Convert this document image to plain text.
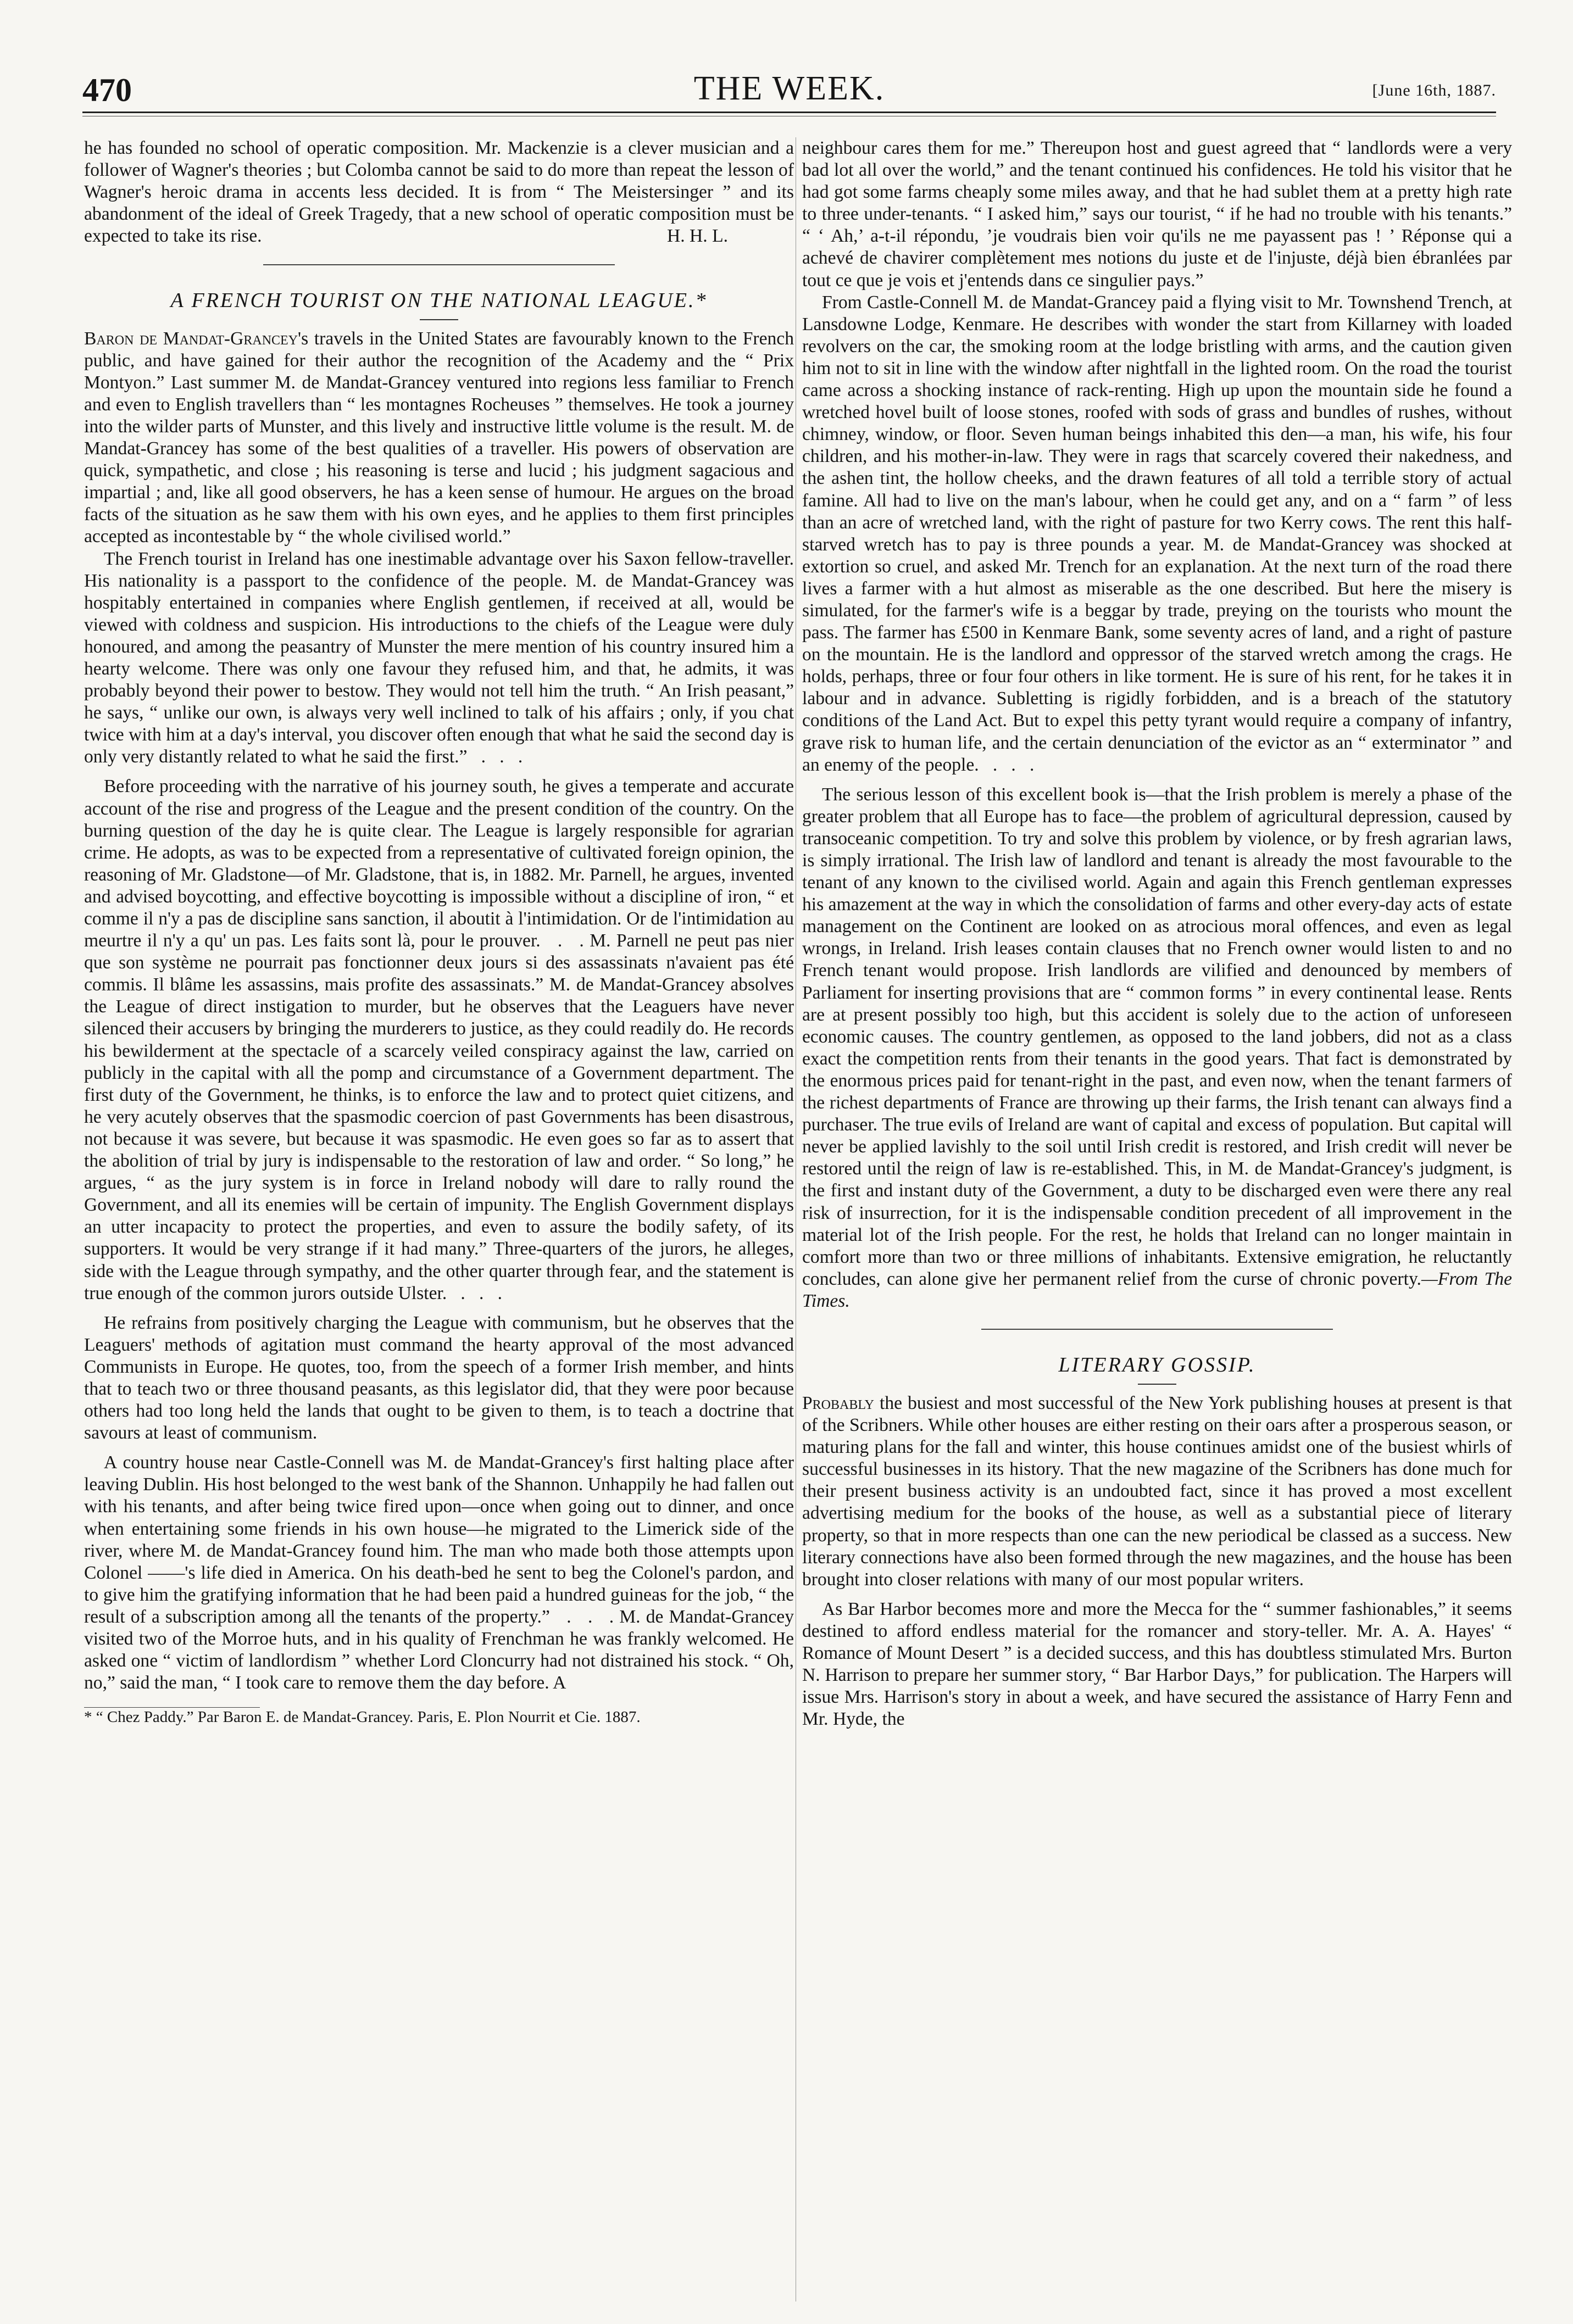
470	THE WEEK.	[June 16th, 1887.

he has founded no school of operatic composition. Mr. Mackenzie is a clever musician and a follower of Wagner's theories ; but Colomba cannot be said to do more than repeat the lesson of Wagner's heroic drama in accents less decided. It is from “ The Meistersinger ” and its abandonment of the ideal of Greek Tragedy, that a new school of operatic composition must be expected to take its rise.	H. H. L.

A FRENCH TOURIST ON THE NATIONAL LEAGUE.*

Baron de Mandat-Grancey's travels in the United States are favourably known to the French public, and have gained for their author the recognition of the Academy and the “ Prix Montyon.” Last summer M. de Mandat-Grancey ventured into regions less familiar to French and even to English travellers than “ les montagnes Rocheuses ” themselves. He took a journey into the wilder parts of Munster, and this lively and instructive little volume is the result. M. de Mandat-Grancey has some of the best qualities of a traveller. His powers of observation are quick, sympathetic, and close ; his reasoning is terse and lucid ; his judgment sagacious and impartial ; and, like all good observers, he has a keen sense of humour. He argues on the broad facts of the situation as he saw them with his own eyes, and he applies to them first principles accepted as incontestable by “ the whole civilised world.”

The French tourist in Ireland has one inestimable advantage over his Saxon fellow-traveller. His nationality is a passport to the confidence of the people. M. de Mandat-Grancey was hospitably entertained in companies where English gentlemen, if received at all, would be viewed with coldness and suspicion. His introductions to the chiefs of the League were duly honoured, and among the peasantry of Munster the mere mention of his country insured him a hearty welcome. There was only one favour they refused him, and that, he admits, it was probably beyond their power to bestow. They would not tell him the truth. “ An Irish peasant,” he says, “ unlike our own, is always very well inclined to talk of his affairs ; only, if you chat twice with him at a day's interval, you discover often enough that what he said the second day is only very distantly related to what he said the first.”   .   .   .

Before proceeding with the narrative of his journey south, he gives a temperate and accurate account of the rise and progress of the League and the present condition of the country. On the burning question of the day he is quite clear. The League is largely responsible for agrarian crime. He adopts, as was to be expected from a representative of cultivated foreign opinion, the reasoning of Mr. Gladstone—of Mr. Gladstone, that is, in 1882. Mr. Parnell, he argues, invented and advised boycotting, and effective boycotting is impossible without a discipline of iron, “ et comme il n'y a pas de discipline sans sanction, il aboutit à l'intimidation. Or de l'intimidation au meurtre il n'y a qu' un pas. Les faits sont là, pour le prouver.   .   . M. Parnell ne peut pas nier que son système ne pourrait pas fonctionner deux jours si des assassinats n'avaient pas été commis. Il blâme les assassins, mais profite des assassinats.” M. de Mandat-Grancey absolves the League of direct instigation to murder, but he observes that the Leaguers have never silenced their accusers by bringing the murderers to justice, as they could readily do. He records his bewilderment at the spectacle of a scarcely veiled conspiracy against the law, carried on publicly in the capital with all the pomp and circumstance of a Government department. The first duty of the Government, he thinks, is to enforce the law and to protect quiet citizens, and he very acutely observes that the spasmodic coercion of past Governments has been disastrous, not because it was severe, but because it was spasmodic. He even goes so far as to assert that the abolition of trial by jury is indispensable to the restoration of law and order. “ So long,” he argues, “ as the jury system is in force in Ireland nobody will dare to rally round the Government, and all its enemies will be certain of impunity. The English Government displays an utter incapacity to protect the properties, and even to assure the bodily safety, of its supporters. It would be very strange if it had many.” Three-quarters of the jurors, he alleges, side with the League through sympathy, and the other quarter through fear, and the statement is true enough of the common jurors outside Ulster.   .   .   .

He refrains from positively charging the League with communism, but he observes that the Leaguers' methods of agitation must command the hearty approval of the most advanced Communists in Europe. He quotes, too, from the speech of a former Irish member, and hints that to teach two or three thousand peasants, as this legislator did, that they were poor because others had too long held the lands that ought to be given to them, is to teach a doctrine that savours at least of communism.

A country house near Castle-Connell was M. de Mandat-Grancey's first halting place after leaving Dublin. His host belonged to the west bank of the Shannon. Unhappily he had fallen out with his tenants, and after being twice fired upon—once when going out to dinner, and once when entertaining some friends in his own house—he migrated to the Limerick side of the river, where M. de Mandat-Grancey found him. The man who made both those attempts upon Colonel ——'s life died in America. On his death-bed he sent to beg the Colonel's pardon, and to give him the gratifying information that he had been paid a hundred guineas for the job, “ the result of a subscription among all the tenants of the property.”   .   .   . M. de Mandat-Grancey visited two of the Morroe huts, and in his quality of Frenchman he was frankly welcomed. He asked one “ victim of landlordism ” whether Lord Cloncurry had not distrained his stock. “ Oh, no,” said the man, “ I took care to remove them the day before. A

* “ Chez Paddy.” Par Baron E. de Mandat-Grancey. Paris, E. Plon Nourrit et Cie. 1887.

neighbour cares them for me.” Thereupon host and guest agreed that “ landlords were a very bad lot all over the world,” and the tenant continued his confidences. He told his visitor that he had got some farms cheaply some miles away, and that he had sublet them at a pretty high rate to three under-tenants. “ I asked him,” says our tourist, “ if he had no trouble with his tenants.” “ ‘ Ah,’ a-t-il répondu, ’je voudrais bien voir qu'ils ne me payassent pas ! ’ Réponse qui a achevé de chavirer complètement mes notions du juste et de l'injuste, déjà bien ébranlées par tout ce que je vois et j'entends dans ce singulier pays.”

From Castle-Connell M. de Mandat-Grancey paid a flying visit to Mr. Townshend Trench, at Lansdowne Lodge, Kenmare. He describes with wonder the start from Killarney with loaded revolvers on the car, the smoking room at the lodge bristling with arms, and the caution given him not to sit in line with the window after nightfall in the lighted room. On the road the tourist came across a shocking instance of rack-renting. High up upon the mountain side he found a wretched hovel built of loose stones, roofed with sods of grass and bundles of rushes, without chimney, window, or floor. Seven human beings inhabited this den—a man, his wife, his four children, and his mother-in-law. They were in rags that scarcely covered their nakedness, and the ashen tint, the hollow cheeks, and the drawn features of all told a terrible story of actual famine. All had to live on the man's labour, when he could get any, and on a “ farm ” of less than an acre of wretched land, with the right of pasture for two Kerry cows. The rent this half-starved wretch has to pay is three pounds a year. M. de Mandat-Grancey was shocked at extortion so cruel, and asked Mr. Trench for an explanation. At the next turn of the road there lives a farmer with a hut almost as miserable as the one described. But here the misery is simulated, for the farmer's wife is a beggar by trade, preying on the tourists who mount the pass. The farmer has £500 in Kenmare Bank, some seventy acres of land, and a right of pasture on the mountain. He is the landlord and oppressor of the starved wretch among the crags. He holds, perhaps, three or four four others in like torment. He is sure of his rent, for he takes it in labour and in advance. Subletting is rigidly forbidden, and is a breach of the statutory conditions of the Land Act. But to expel this petty tyrant would require a company of infantry, grave risk to human life, and the certain denunciation of the evictor as an “ exterminator ” and an enemy of the people.   .   .   .

The serious lesson of this excellent book is—that the Irish problem is merely a phase of the greater problem that all Europe has to face—the problem of agricultural depression, caused by transoceanic competition. To try and solve this problem by violence, or by fresh agrarian laws, is simply irrational. The Irish law of landlord and tenant is already the most favourable to the tenant of any known to the civilised world. Again and again this French gentleman expresses his amazement at the way in which the consolidation of farms and other every-day acts of estate management on the Continent are looked on as atrocious moral offences, and even as legal wrongs, in Ireland. Irish leases contain clauses that no French owner would listen to and no French tenant would propose. Irish landlords are vilified and denounced by members of Parliament for inserting provisions that are “ common forms ” in every continental lease. Rents are at present possibly too high, but this accident is solely due to the action of unforeseen economic causes. The country gentlemen, as opposed to the land jobbers, did not as a class exact the competition rents from their tenants in the good years. That fact is demonstrated by the enormous prices paid for tenant-right in the past, and even now, when the tenant farmers of the richest departments of France are throwing up their farms, the Irish tenant can always find a purchaser. The true evils of Ireland are want of capital and excess of population. But capital will never be applied lavishly to the soil until Irish credit is restored, and Irish credit will never be restored until the reign of law is re-established. This, in M. de Mandat-Grancey's judgment, is the first and instant duty of the Government, a duty to be discharged even were there any real risk of insurrection, for it is the indispensable condition precedent of all improvement in the material lot of the Irish people. For the rest, he holds that Ireland can no longer maintain in comfort more than two or three millions of inhabitants. Extensive emigration, he reluctantly concludes, can alone give her permanent relief from the curse of chronic poverty.—From The Times.

LITERARY GOSSIP.

Probably the busiest and most successful of the New York publishing houses at present is that of the Scribners. While other houses are either resting on their oars after a prosperous season, or maturing plans for the fall and winter, this house continues amidst one of the busiest whirls of successful businesses in its history. That the new magazine of the Scribners has done much for their present business activity is an undoubted fact, since it has proved a most excellent advertising medium for the books of the house, as well as a substantial piece of literary property, so that in more respects than one can the new periodical be classed as a success. New literary connections have also been formed through the new magazines, and the house has been brought into closer relations with many of our most popular writers.

As Bar Harbor becomes more and more the Mecca for the “ summer fashionables,” it seems destined to afford endless material for the romancer and story-teller. Mr. A. A. Hayes' “ Romance of Mount Desert ” is a decided success, and this has doubtless stimulated Mrs. Burton N. Harrison to prepare her summer story, “ Bar Harbor Days,” for publication. The Harpers will issue Mrs. Harrison's story in about a week, and have secured the assistance of Harry Fenn and Mr. Hyde, the
